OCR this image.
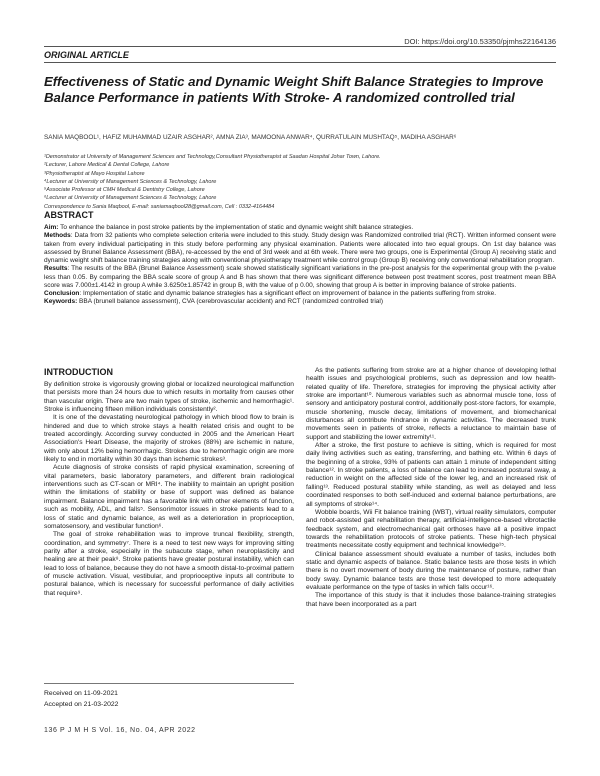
DOI: https://doi.org/10.53350/pjmhs22164136
ORIGINAL ARTICLE
Effectiveness of Static and Dynamic Weight Shift Balance Strategies to Improve Balance Performance in patients With Stroke- A randomized controlled trial
SANIA MAQBOOL¹, HAFIZ MUHAMMAD UZAIR ASGHAR², AMNA ZIA³, MAMOONA ANWAR⁴, QURRATULAIN MUSHTAQ⁵, MADIHA ASGHAR⁶
¹Demonstrator at University of Management Sciences and Technology,Consultant Physiotherapist at Saadan Hospital Johar Town, Lahore.
²Lecturer, Lahore Medical & Dental College, Lahore
³Physiotherapist at Mayo Hospital Lahore
⁴Lecturer at University of Management Sciences & Technology, Lahore
⁵Associate Professor at CMH Medical & Dentistry College, Lahore
⁶Lecturer at University of Management Sciences & Technology, Lahore
Correspondence to Sania Maqbool, E-mail: saniamaqbool28@gmail.com, Cell : 0332-4164484
ABSTRACT

Aim: To enhance the balance in post stroke patients by the implementation of static and dynamic weight shift balance strategies.

Methods: Data from 32 patients who complete selection criteria were included to this study. Study design was Randomized controlled trial (RCT). Written informed consent were taken from every individual participating in this study before performing any physical examination. Patients were allocated into two equal groups. On 1st day balance was assessed by Brunel Balance Assessment (BBA), re-accessed by the end of 3rd week and at 6th week. There were two groups, one is Experimental (Group A) receiving static and dynamic weight shift balance training strategies along with conventional physiotherapy treatment while control group (Group B) receiving only conventional rehabilitation program.

Results: The results of the BBA (Brunel Balance Assessment) scale showed statistically significant variations in the pre-post analysis for the experimental group with the p-value less than 0.05. By comparing the BBA scale score of group A and B has shown that there was significant difference between post treatment scores, post treatment mean BBA score was 7.000±1.4142 in group A while 3.6250±1.85742 in group B, with the value of p 0.00, showing that group A is better in improving balance of stroke patients.

Conclusion: Implementation of static and dynamic balance strategies has a significant effect on improvement of balance in the patients suffering from stroke.

Keywords: BBA (brunell balance assessment), CVA (cerebrovascular accident) and RCT (randomized controlled trial)

INTRODUCTION

By definition stroke is vigorously growing global or localized neurological malfunction that persists more than 24 hours due to which results in mortality from causes other than vascular origin. There are two main types of stroke, ischemic and hemorrhagic¹. Stroke is influencing fifteen million individuals consistently².

It is one of the devastating neurological pathology in which blood flow to brain is hindered and due to which stroke stays a health related crisis and ought to be treated accordingly. According survey conducted in 2005 and the American Heart Association's Heart Disease, the majority of strokes (88%) are ischemic in nature, with only about 12% being hemorrhagic. Strokes due to hemorrhagic origin are more likely to end in mortality within 30 days than ischemic strokes³.

Acute diagnosis of stroke consists of rapid physical examination, screening of vital parameters, basic laboratory parameters, and different brain radiological interventions such as CT-scan or MRI⁴. The inability to maintain an upright position within the limitations of stability or base of support was defined as balance impairment. Balance impairment has a favorable link with other elements of function, such as mobility, ADL, and falls⁵. Sensorimotor issues in stroke patients lead to a loss of static and dynamic balance, as well as a deterioration in proprioception, somatosensory, and vestibular function⁶.

The goal of stroke rehabilitation was to improve truncal flexibility, strength, coordination, and symmetry⁷. There is a need to test new ways for improving sitting parity after a stroke, especially in the subacute stage, when neuroplasticity and healing are at their peak⁸. Stroke patients have greater postural instability, which can lead to loss of balance, because they do not have a smooth distal-to-proximal pattern of muscle activation. Visual, vestibular, and proprioceptive inputs all contribute to postural balance, which is necessary for successful performance of daily activities that require⁹.

Received on 11-09-2021
Accepted on 21-03-2022

As the patients suffering from stroke are at a higher chance of developing lethal health issues and psychological problems, such as depression and low health-related quality of life. Therefore, strategies for improving the physical activity after stroke are important¹⁰. Numerous variables such as abnormal muscle tone, loss of sensory and anticipatory postural control, additionally post-store factors, for example, muscle shortening, muscle decay, limitations of movement, and biomechanical disturbances all contribute hindrance in dynamic activities. The decreased trunk movements seen in patients of stroke, reflects a reluctance to maintain base of support and stabilizing the lower extremity¹¹.

After a stroke, the first posture to achieve is sitting, which is required for most daily living activities such as eating, transferring, and bathing etc. Within 6 days of the beginning of a stroke, 93% of patients can attain 1 minute of independent sitting balance¹². In stroke patients, a loss of balance can lead to increased postural sway, a reduction in weight on the affected side of the lower leg, and an increased risk of falling¹³. Reduced postural stability while standing, as well as delayed and less coordinated responses to both self-induced and external balance perturbations, are all symptoms of stroke¹⁴.

Wobble boards, Wii Fit balance training (WBT), virtual reality simulators, computer and robot-assisted gait rehabilitation therapy, artificial-intelligence-based vibrotactile feedback system, and electromechanical gait orthoses have all a positive impact towards the rehabilitation protocols of stroke patients. These high-tech physical treatments necessitate costly equipment and technical knowledge¹⁵.

Clinical balance assessment should evaluate a number of tasks, includes both static and dynamic aspects of balance. Static balance tests are those tests in which there is no overt movement of body during the maintenance of posture, rather than body sway. Dynamic balance tests are those test developed to more adequately evaluate performance on the type of tasks in which falls occur¹⁶.

The importance of this study is that it includes those balance-training strategies that have been incorporated as a part

136 P J M H S Vol. 16, No. 04, APR 2022
